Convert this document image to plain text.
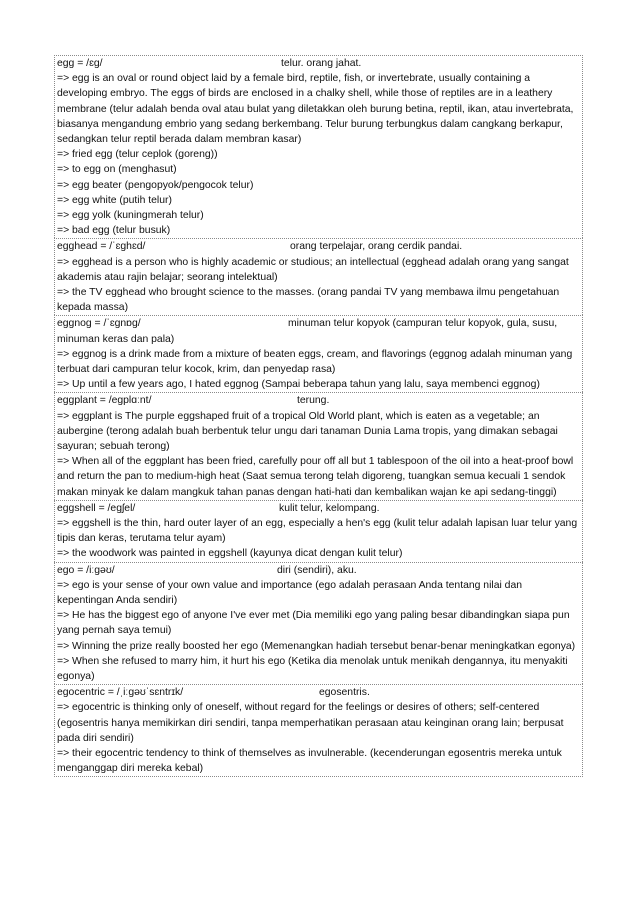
egg = /ɛg/	telur. orang jahat.
=> egg is an oval or round object laid by a female bird, reptile, fish, or invertebrate, usually containing a developing embryo. The eggs of birds are enclosed in a chalky shell, while those of reptiles are in a leathery membrane (telur adalah benda oval atau bulat yang diletakkan oleh burung betina, reptil, ikan, atau invertebrata, biasanya mengandung embrio yang sedang berkembang. Telur burung terbungkus dalam cangkang berkapur, sedangkan telur reptil berada dalam membran kasar)
=> fried egg (telur ceplok (goreng))
=> to egg on (menghasut)
=> egg beater (pengopyok/pengocok telur)
=> egg white (putih telur)
=> egg yolk (kuningmerah telur)
=> bad egg (telur busuk)
egghead = /ˈɛghɛd/	orang terpelajar, orang cerdik pandai.
=> egghead is a person who is highly academic or studious; an intellectual (egghead adalah orang yang sangat akademis atau rajin belajar; seorang intelektual)
=> the TV egghead who brought science to the masses. (orang pandai TV yang membawa ilmu pengetahuan kepada massa)
eggnog = /ˈɛgnɒg/	minuman telur kopyok (campuran telur kopyok, gula, susu, minuman keras dan pala)
=> eggnog is a drink made from a mixture of beaten eggs, cream, and flavorings (eggnog adalah minuman yang terbuat dari campuran telur kocok, krim, dan penyedap rasa)
=> Up until a few years ago, I hated eggnog (Sampai beberapa tahun yang lalu, saya membenci eggnog)
eggplant = /egplɑːnt/	terung.
=> eggplant is The purple eggshaped fruit of a tropical Old World plant, which is eaten as a vegetable; an aubergine (terong adalah buah berbentuk telur ungu dari tanaman Dunia Lama tropis, yang dimakan sebagai sayuran; sebuah terong)
=> When all of the eggplant has been fried, carefully pour off all but 1 tablespoon of the oil into a heat-proof bowl and return the pan to medium-high heat (Saat semua terong telah digoreng, tuangkan semua kecuali 1 sendok makan minyak ke dalam mangkuk tahan panas dengan hati-hati dan kembalikan wajan ke api sedang-tinggi)
eggshell = /egʃel/	kulit telur, kelompang.
=> eggshell is the thin, hard outer layer of an egg, especially a hen's egg (kulit telur adalah lapisan luar telur yang tipis dan keras, terutama telur ayam)
=> the woodwork was painted in eggshell (kayunya dicat dengan kulit telur)
ego = /iːgəʊ/	diri (sendiri), aku.
=> ego is your sense of your own value and importance (ego adalah perasaan Anda tentang nilai dan kepentingan Anda sendiri)
=> He has the biggest ego of anyone I've ever met (Dia memiliki ego yang paling besar dibandingkan siapa pun yang pernah saya temui)
=> Winning the prize really boosted her ego (Memenangkan hadiah tersebut benar-benar meningkatkan egonya)
=> When she refused to marry him, it hurt his ego (Ketika dia menolak untuk menikah dengannya, itu menyakiti egonya)
egocentric = /ˌiːgəʊˈsɛntrɪk/	egosentris.
=> egocentric is thinking only of oneself, without regard for the feelings or desires of others; self-centered (egosentris hanya memikirkan diri sendiri, tanpa memperhatikan perasaan atau keinginan orang lain; berpusat pada diri sendiri)
=> their egocentric tendency to think of themselves as invulnerable. (kecenderungan egosentris mereka untuk menganggap diri mereka kebal)
